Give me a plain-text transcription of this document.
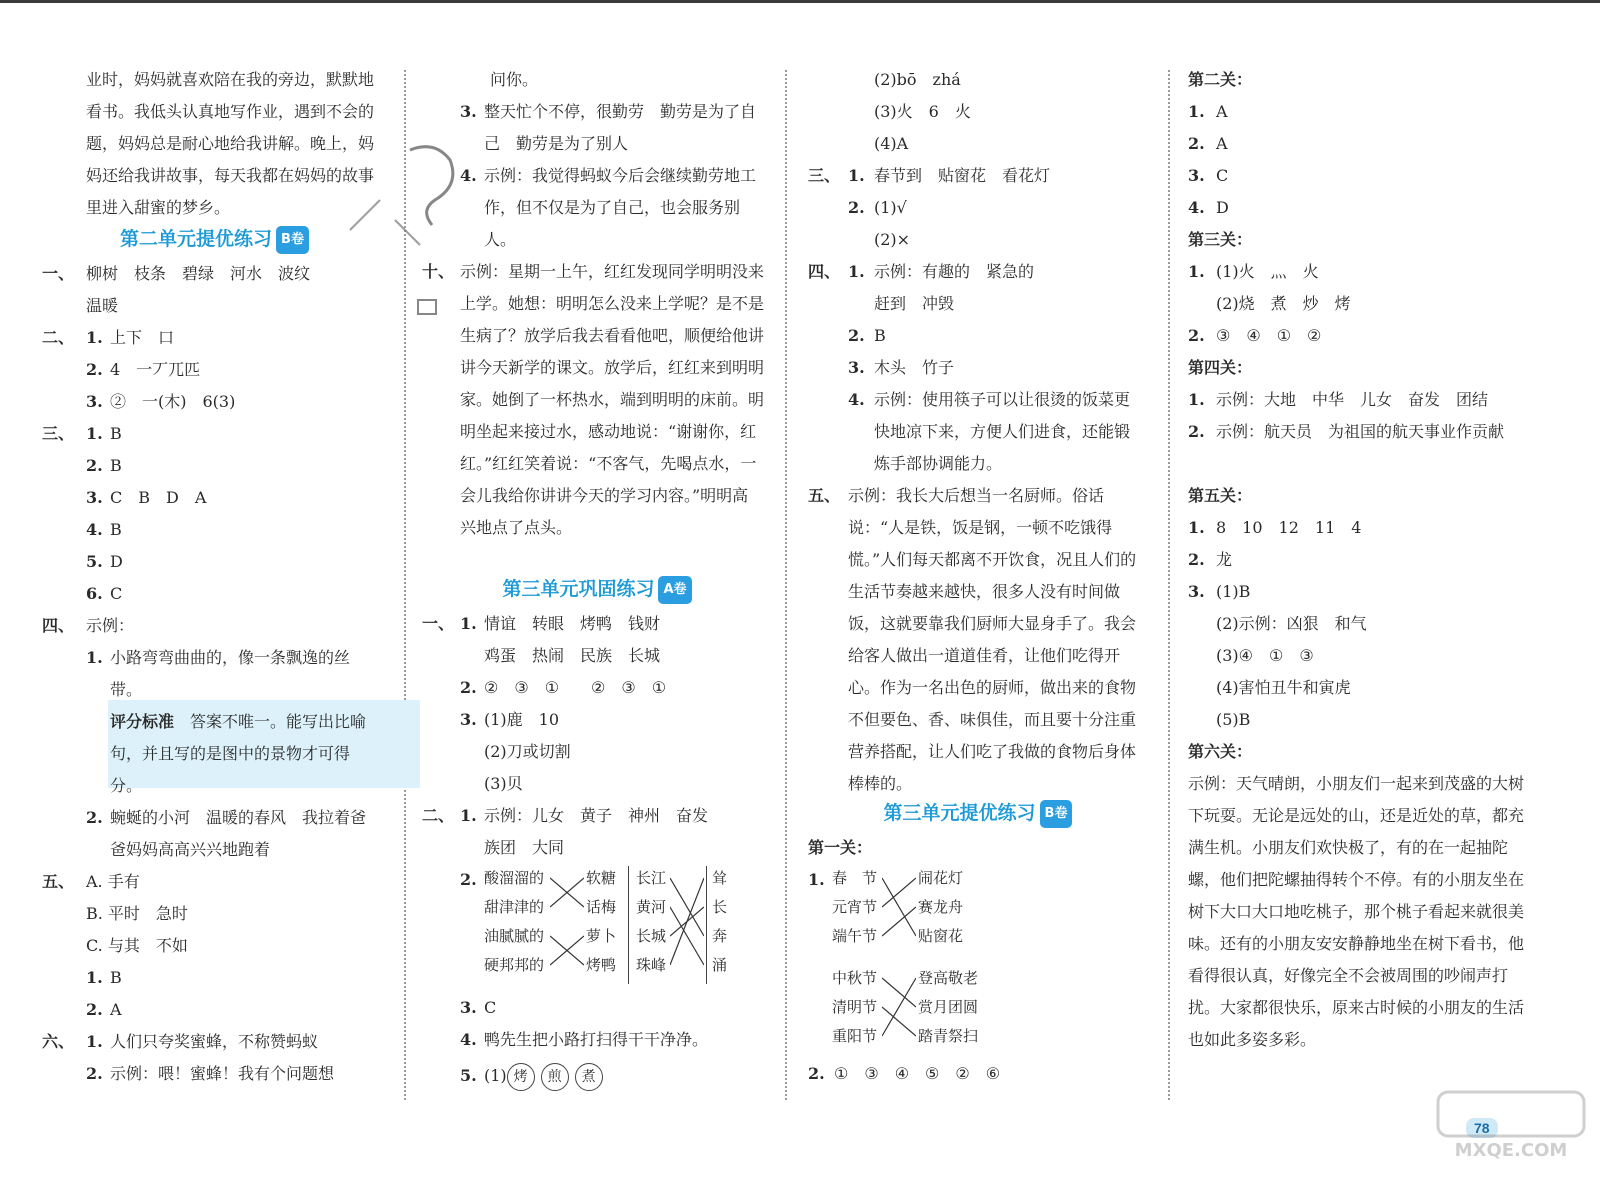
业时，妈妈就喜欢陪在我的旁边，默默地看书。我低头认真地写作业，遇到不会的题，妈妈总是耐心地给我讲解。晚上，妈妈还给我讲故事，每天我都在妈妈的故事里进入甜蜜的梦乡。
第二单元提优练习 B卷
一、 柳树　枝条　碧绿　河水　波纹
温暖
二、 1. 上下　口
2. 4　一丆兀匹
3. ②　一(木)　6(3)
三、 1. B
2. B
3. C　B　D　A
4. B
5. D
6. C
四、 示例：
1. 小路弯弯曲曲的，像一条飘逸的丝带。
评分标准　 答案不唯一。能写出比喻句，并且写的是图中的景物才可得分。
2. 蜿蜒的小河　温暖的春风　我拉着爸爸妈妈高高兴兴地跑着
五、 A. 手有
B. 平时　急时
C. 与其　不如
1. B
2. A
六、 1. 人们只夸奖蜜蜂，不称赞蚂蚁
2. 示例：喂！蜜蜂！我有个问题想
问你。
3. 整天忙个不停，很勤劳　勤劳是为了自己　勤劳是为了别人
4. 示例：我觉得蚂蚁今后会继续勤劳地工作，但不仅是为了自己，也会服务别人。
十、 示例：星期一上午，红红发现同学明明没来上学。她想：明明怎么没来上学呢？是不是生病了？放学后我去看看他吧，顺便给他讲讲今天新学的课文。放学后，红红来到明明家。她倒了一杯热水，端到明明的床前。明明坐起来接过水，感动地说：“谢谢你，红红。”红红笑着说：“不客气，先喝点水，一会儿我给你讲讲今天的学习内容。”明明高兴地点了点头。
第三单元巩固练习 A卷
一、 1. 情谊　转眼　烤鸭　钱财
鸡蛋　热闹　民族　长城
2. ②　③　①　　②　③　①
3. (1)鹿　10
(2)刀或切割
(3)贝
二、 1. 示例：儿女　黄子　神州　奋发
族团　大同
2. 酸溜溜的
甜津津的
油腻腻的
硬邦邦的
软糖
话梅
萝卜
烤鸭
长江
黄河
长城
珠峰
耸
长
奔
涌
3. C
4. 鸭先生把小路打扫得干干净净。
5. (1) 烤 煎 煮
(2)bō　zhá
(3)火　6　火
(4)A
三、 1. 春节到　贴窗花　看花灯
2. (1)√
(2)×
四、 1. 示例：有趣的　紧急的
赶到　冲毁
2. B
3. 木头　竹子
4. 示例：使用筷子可以让很烫的饭菜更快地凉下来，方便人们进食，还能锻炼手部协调能力。
五、 示例：我长大后想当一名厨师。俗话说：“人是铁，饭是钢，一顿不吃饿得慌。”人们每天都离不开饮食，况且人们的生活节奏越来越快，很多人没有时间做饭，这就要靠我们厨师大显身手了。我会给客人做出一道道佳肴，让他们吃得开心。作为一名出色的厨师，做出来的食物不但要色、香、味俱佳，而且要十分注重营养搭配，让人们吃了我做的食物后身体棒棒的。
第三单元提优练习 B卷
第一关：
1. 春　节
元宵节
端午节
闹花灯
赛龙舟
贴窗花
中秋节
清明节
重阳节
登高敬老
赏月团圆
踏青祭扫
2. ①　③　④　⑤　②　⑥
第二关：
1. A
2. A
3. C
4. D
第三关：
1. (1)火　灬　火
(2)烧　煮　炒　烤
2. ③　④　①　②
第四关：
1. 示例：大地　中华　儿女　奋发　团结
2. 示例：航天员　为祖国的航天事业作贡献
第五关：
1. 8　10　12　11　4
2. 龙
3. (1)B
(2)示例：凶狠　和气
(3)④　①　③
(4)害怕丑牛和寅虎
(5)B
第六关：
示例：天气晴朗，小朋友们一起来到茂盛的大树下玩耍。无论是远处的山，还是近处的草，都充满生机。小朋友们欢快极了，有的在一起抽陀螺，他们把陀螺抽得转个不停。有的小朋友坐在树下大口大口地吃桃子，那个桃子看起来就很美味。还有的小朋友安安静静地坐在树下看书，他看得很认真，好像完全不会被周围的吵闹声打扰。大家都很快乐，原来古时候的小朋友的生活也如此多姿多彩。
78
MXQE.COM
